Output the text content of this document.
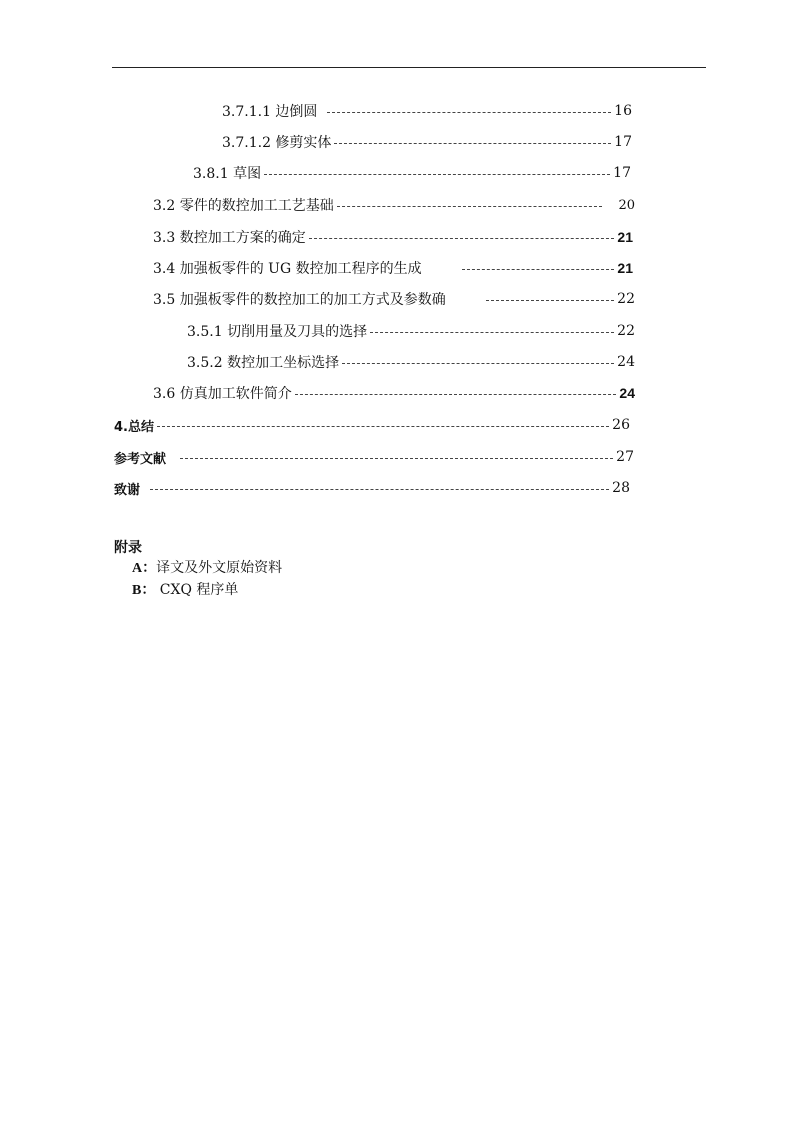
3.7.1.1 边倒圆	16
3.7.1.2 修剪实体	17
3.8.1 草图	17
3.2 零件的数控加工工艺基础	20
3.3 数控加工方案的确定	21
3.4 加强板零件的 UG 数控加工程序的生成	21
3.5 加强板零件的数控加工的加工方式及参数确	22
3.5.1 切削用量及刀具的选择	22
3.5.2 数控加工坐标选择	24
3.6 仿真加工软件简介	24
4.总结	26
参考文献	27
致谢	28
附录
A：译文及外文原始资料
B： CXQ 程序单
